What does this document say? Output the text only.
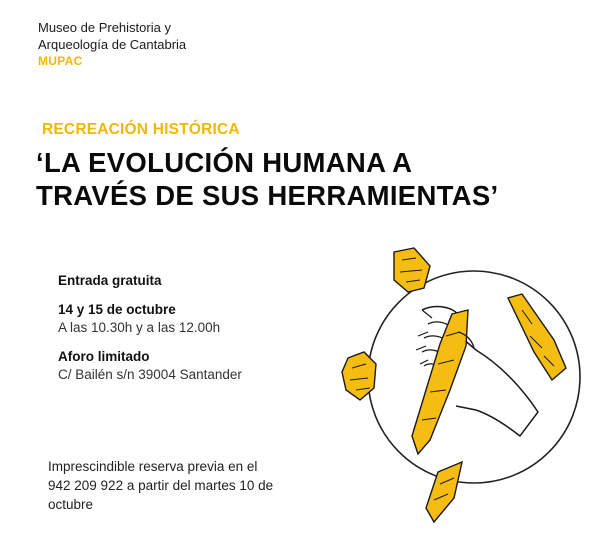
Museo de Prehistoria y
Arqueología de Cantabria
MUPAC
RECREACIÓN HISTÓRICA
‘LA EVOLUCIÓN HUMANA A
TRAVÉS DE SUS HERRAMIENTAS’
Entrada gratuita
14 y 15 de octubre
A las 10.30h y a las 12.00h
Aforo limitado
C/ Bailén s/n 39004 Santander
Imprescindible reserva previa en el
942 209 922 a partir del martes 10 de
octubre
